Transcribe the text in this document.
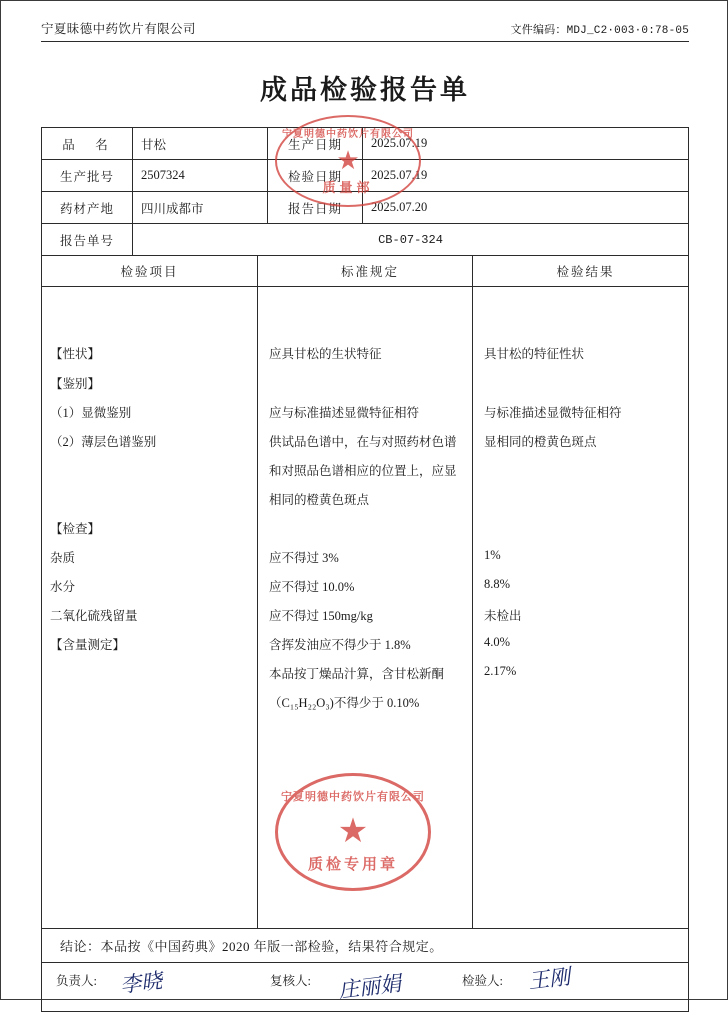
宁夏昧德中药饮片有限公司	文件编码：MDJ_C2·003·0:78-05
成品检验报告单
品　名	甘松	生产日期	2025.07.19
生产批号	2507324	检验日期	2025.07.19
药材产地	四川成都市	报告日期	2025.07.20
报告单号	CB-07-324		
检验项目	标准规定	检验结果
【性状】	应具甘松的生状特征	具甘松的特征性状
【鉴别】
（1）显微鉴别	应与标准描述显微特征相符	与标准描述显微特征相符
（2）薄层色谱鉴别	供试品色谱中，在与对照药材色谱	显相同的橙黄色斑点
和对照品色谱相应的位置上，应显
相同的橙黄色斑点
【检查】
杂质	应不得过 3%	1%
水分	应不得过 10.0%	8.8%
二氧化硫残留量	应不得过 150mg/kg	未检出
【含量测定】	含挥发油应不得少于 1.8%	4.0%
本品按丁燥品汁算，含甘松新酮	2.17%
（C₁₅H₂₂O₃)不得少于 0.10%
结论：本品按《中国药典》2020 年版一部检验，结果符合规定。
负责人: 李晓	复核人: 庄丽娟	检验人: 王刚
宁夏明德中药饮片有限公司
★
质量部
宁夏明德中药饮片有限公司
★
质检专用章
